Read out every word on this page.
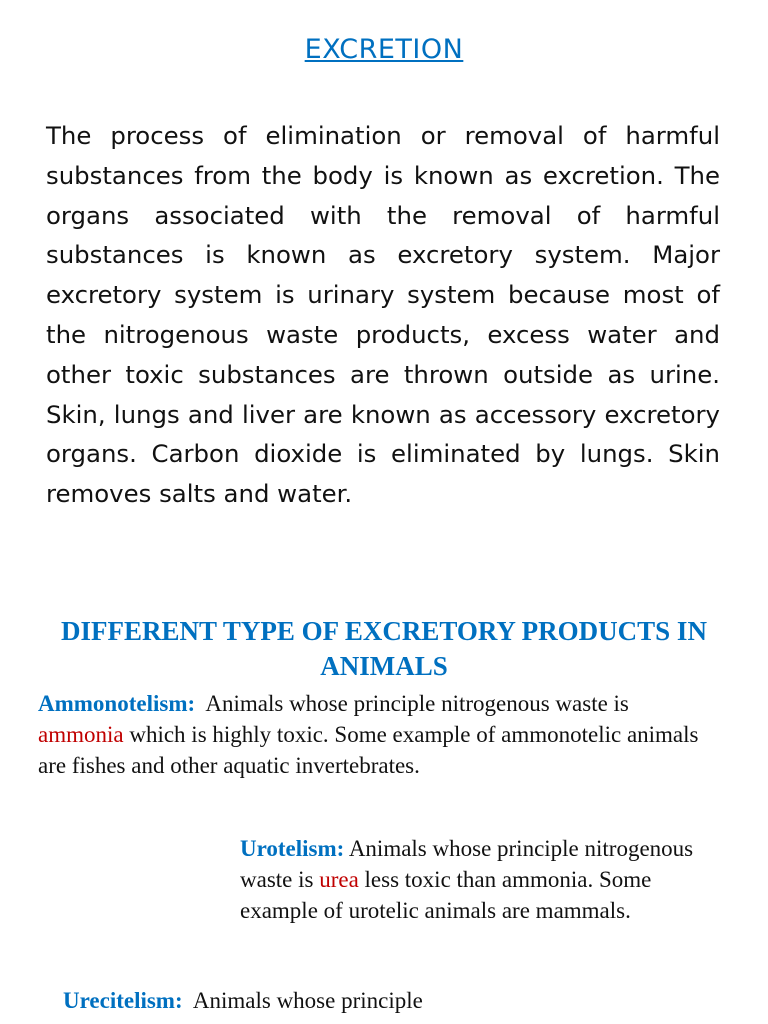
EXCRETION
The process of elimination or removal of harmful substances from the body is known as excretion. The organs associated with the removal of harmful substances is known as excretory system. Major excretory system is urinary system because most of the nitrogenous waste products, excess water and other toxic substances are thrown outside as urine. Skin, lungs and liver are known as accessory excretory organs. Carbon dioxide is eliminated by lungs. Skin removes salts and water.
DIFFERENT TYPE OF EXCRETORY PRODUCTS IN ANIMALS
Ammonotelism: Animals whose principle nitrogenous waste is ammonia which is highly toxic. Some example of ammonotelic animals are fishes and other aquatic invertebrates.
Urotelism: Animals whose principle nitrogenous waste is urea less toxic than ammonia. Some example of urotelic animals are mammals.
Urecitelism: Animals whose principle
